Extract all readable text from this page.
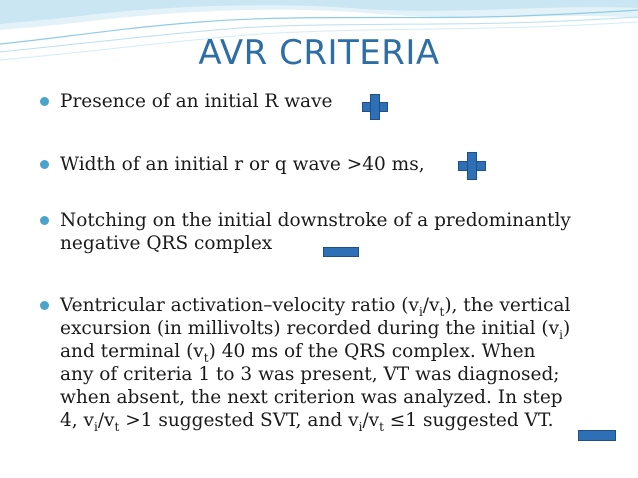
AVR CRITERIA
Presence of an initial R wave
Width of an initial r or q wave >40 ms,
Notching on the initial downstroke of a predominantly
negative QRS complex
Ventricular activation–velocity ratio $(v_i/v_t)$, the vertical
excursion (in millivolts) recorded during the initial $(v_i)$
and terminal $(v_t)$ 40 ms of the QRS complex. When
any of criteria 1 to 3 was present, VT was diagnosed;
when absent, the next criterion was analyzed. In step
4, $v_i/v_t >1$ suggested SVT, and $v_i/v_t \le 1$ suggested VT.
